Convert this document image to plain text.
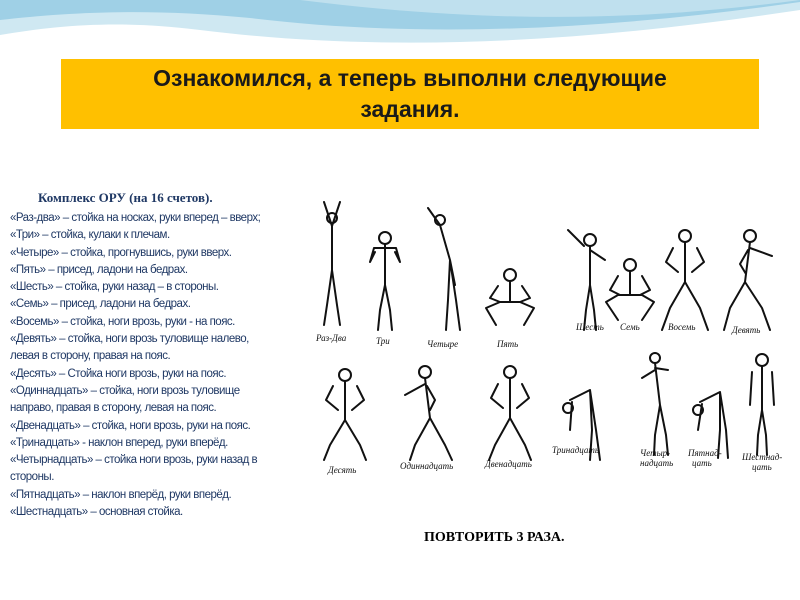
Ознакомился, а теперь выполни следующие
задания.
Комплекс ОРУ (на 16 счетов).
«Раз-два» – стойка на носках, руки вперед – вверх;
«Три» – стойка, кулаки к плечам.
«Четыре» – стойка, прогнувшись, руки вверх.
«Пять» – присед, ладони на бедрах.
«Шесть» – стойка, руки назад – в стороны.
«Семь» – присед, ладони на бедрах.
«Восемь» – стойка, ноги врозь, руки - на пояс.
«Девять» – стойка, ноги врозь туловище налево,
левая в сторону, правая на пояс.
«Десять» – Стойка ноги врозь, руки на пояс.
«Одиннадцать» – стойка, ноги врозь туловище
направо, правая в сторону, левая на пояс.
«Двенадцать» – стойка, ноги врозь, руки на пояс.
«Тринадцать» - наклон вперед, руки вперёд.
«Четырнадцать» – стойка ноги врозь, руки назад в
стороны.
«Пятнадцать» – наклон вперёд, руки вперёд.
«Шестнадцать» – основная стойка.
Раз-Два	Три	Четыре	Пять
Шесть Семь	Восемь	Девять
Десять	Одиннадцать	Двенадцать
Тринадцать	Четыр-
надцать
Пятнад-
цать
Шестнад-
цать
ПОВТОРИТЬ 3 РАЗА.
